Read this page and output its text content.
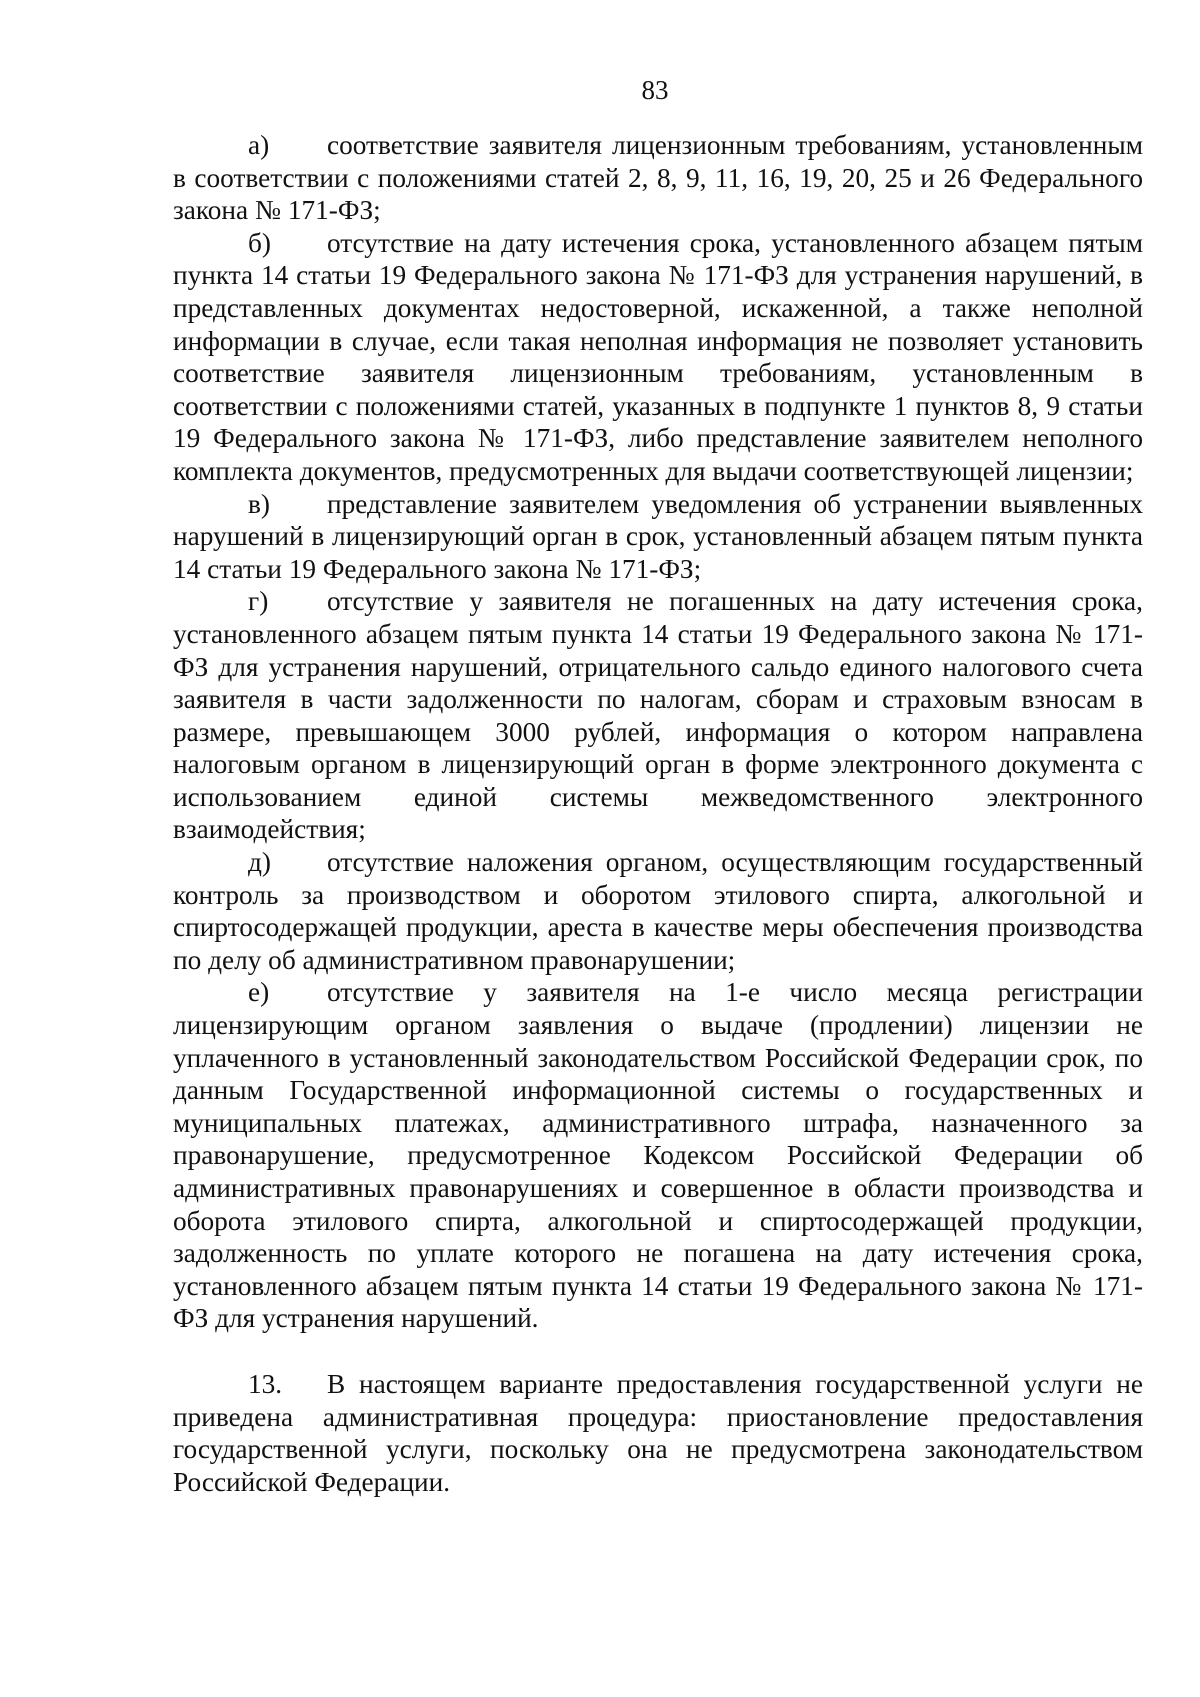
83

а) соответствие заявителя лицензионным требованиям, установленным в соответствии с положениями статей 2, 8, 9, 11, 16, 19, 20, 25 и 26 Федерального закона № 171-ФЗ;

б) отсутствие на дату истечения срока, установленного абзацем пятым пункта 14 статьи 19 Федерального закона № 171-ФЗ для устранения нарушений, в представленных документах недостоверной, искаженной, а также неполной информации в случае, если такая неполная информация не позволяет установить соответствие заявителя лицензионным требованиям, установленным в соответствии с положениями статей, указанных в подпункте 1 пунктов 8, 9 статьи 19 Федерального закона № 171-ФЗ, либо представление заявителем неполного комплекта документов, предусмотренных для выдачи соответствующей лицензии;

в) представление заявителем уведомления об устранении выявленных нарушений в лицензирующий орган в срок, установленный абзацем пятым пункта 14 статьи 19 Федерального закона № 171-ФЗ;

г) отсутствие у заявителя не погашенных на дату истечения срока, установленного абзацем пятым пункта 14 статьи 19 Федерального закона № 171-ФЗ для устранения нарушений, отрицательного сальдо единого налогового счета заявителя в части задолженности по налогам, сборам и страховым взносам в размере, превышающем 3000 рублей, информация о котором направлена налоговым органом в лицензирующий орган в форме электронного документа с использованием единой системы межведомственного электронного взаимодействия;

д) отсутствие наложения органом, осуществляющим государственный контроль за производством и оборотом этилового спирта, алкогольной и спиртосодержащей продукции, ареста в качестве меры обеспечения производства по делу об административном правонарушении;

е) отсутствие у заявителя на 1-е число месяца регистрации лицензирующим органом заявления о выдаче (продлении) лицензии не уплаченного в установленный законодательством Российской Федерации срок, по данным Государственной информационной системы о государственных и муниципальных платежах, административного штрафа, назначенного за правонарушение, предусмотренное Кодексом Российской Федерации об административных правонарушениях и совершенное в области производства и оборота этилового спирта, алкогольной и спиртосодержащей продукции, задолженность по уплате которого не погашена на дату истечения срока, установленного абзацем пятым пункта 14 статьи 19 Федерального закона № 171-ФЗ для устранения нарушений.

13. В настоящем варианте предоставления государственной услуги не приведена административная процедура: приостановление предоставления государственной услуги, поскольку она не предусмотрена законодательством Российской Федерации.
